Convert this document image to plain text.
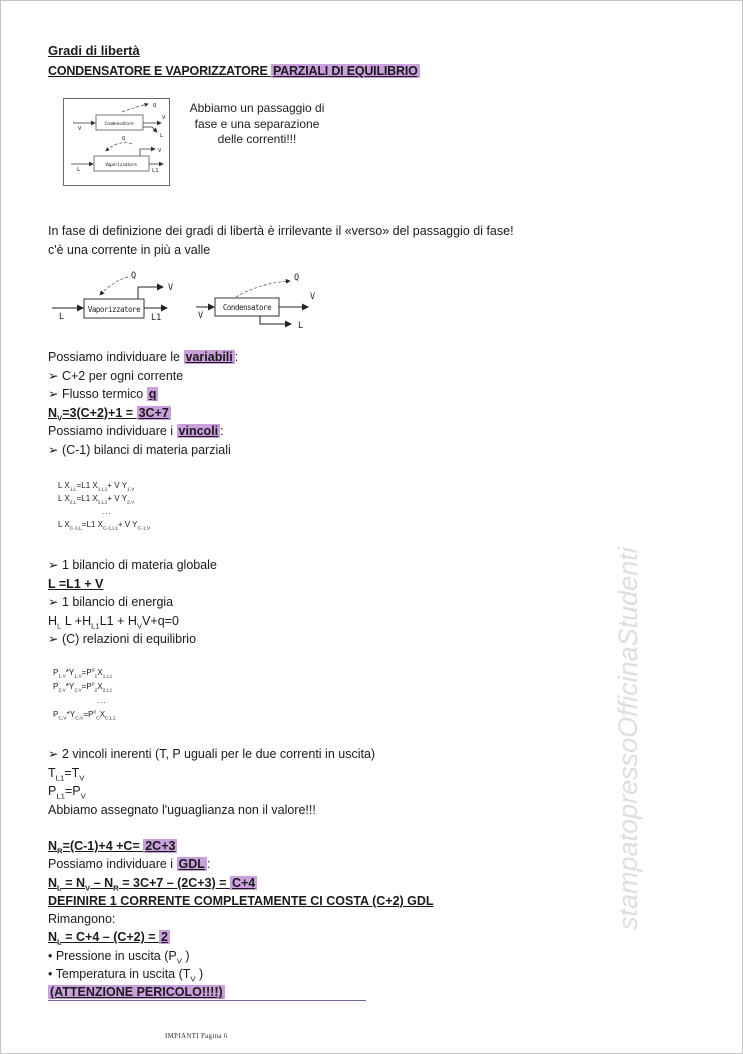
Gradi di libertà
CONDENSATORE E VAPORIZZATORE PARZIALI DI EQUILIBRIO
Condensatore
V
V
L
Q
Vaporizzatore
L	L1
V
Q
Abbiamo un passaggio di
fase e una separazione
delle correnti!!!
In fase di definizione dei gradi di libertà è irrilevante il «verso» del passaggio di fase!
c'è una corrente in più a valle
Vaporizzatore
L	L1
V
Q
Condensatore
V
V
L
Q
Possiamo individuare le variabili :
➢ C+2 per ogni corrente
➢ Flusso termico q
$N_V=3(C+2)+1 = 3C+7$
Possiamo individuare i vincoli :
➢ (C-1) bilanci di materia parziali
L $X_{1,L}=L1$ $X_{1,L1}+ V$ $Y_{1,V}$
L $X_{2,L}=L1$ $X_{2,L1}+ V$ $Y_{2,V}$
...
L $X_{C-1,L}=L1$ $X_{C-1,L1}+ V$ $Y_{C-1,V}$
➢ 1 bilancio di materia globale
L =L1 + V
➢ 1 bilancio di energia
$H_L$ $L +H_{L1}L1 + H_VV+q=0$
➢ (C) relazioni di equilibrio
$P_{1,V}*Y_{1,V}=P^0_1X_{1,L1}$
$P_{2,V}*Y_{2,V}=P^0_2X_{2,L1}$
...
$P_{C,V}*Y_{C,V}=P^0_CX_{C,L1}$
➢ 2 vincoli inerenti (T, P uguali per le due correnti in uscita)
$T_{L1}=T_V$
$P_{L1}=P_V$
Abbiamo assegnato l'uguaglianza non il valore!!!
$N_R=(C-1)+4 +C= 2C+3$
Possiamo individuare i GDL :
$N_L = N_V - N_R = 3C+7 - (2C+3) = C+4$
DEFINIRE 1 CORRENTE COMPLETAMENTE CI COSTA (C+2) GDL
Rimangono:
$N_L = C+4 - (C+2) = 2$
• Pressione in uscita ($P_V$ )
• Temperatura in uscita ($T_V$ )
(ATTENZIONE PERICOLO!!!!)
stampatopressoOfficinaStudenti
IMPIANTI Pagina 6
